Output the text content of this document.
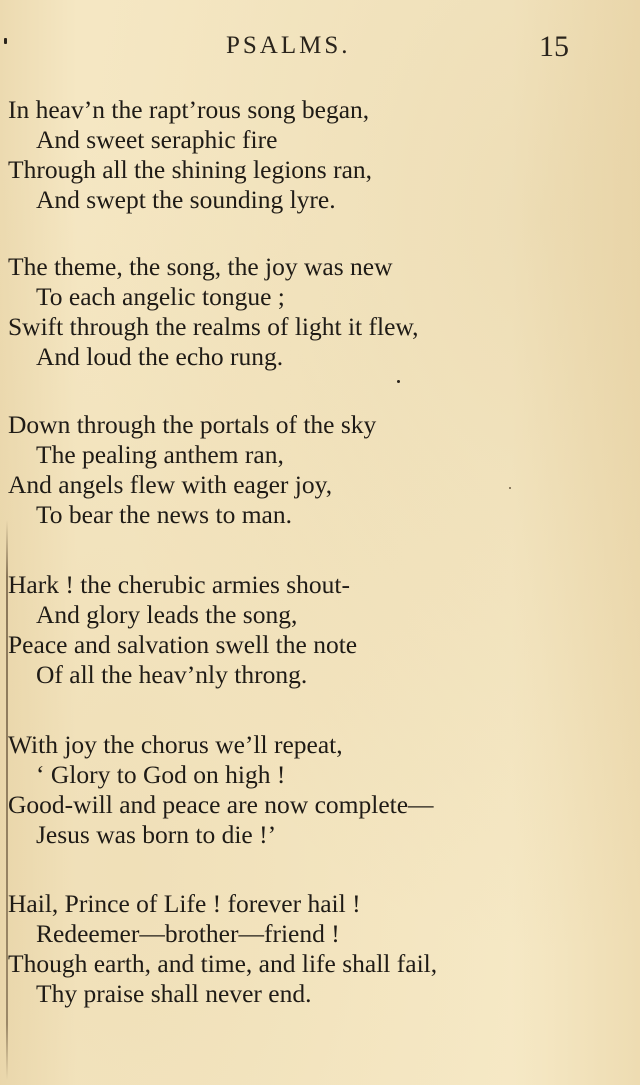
PSALMS.	15
In heav’n the rapt’rous song began,
And sweet seraphic fire
Through all the shining legions ran,
And swept the sounding lyre.
The theme, the song, the joy was new
To each angelic tongue ;
Swift through the realms of light it flew,
And loud the echo rung.
Down through the portals of the sky
The pealing anthem ran,
And angels flew with eager joy,
To bear the news to man.
Hark ! the cherubic armies shout-
And glory leads the song,
Peace and salvation swell the note
Of all the heav’nly throng.
With joy the chorus we’ll repeat,
‘ Glory to God on high !
Good-will and peace are now complete—
Jesus was born to die !’
Hail, Prince of Life ! forever hail !
Redeemer—brother—friend !
Though earth, and time, and life shall fail,
Thy praise shall never end.
